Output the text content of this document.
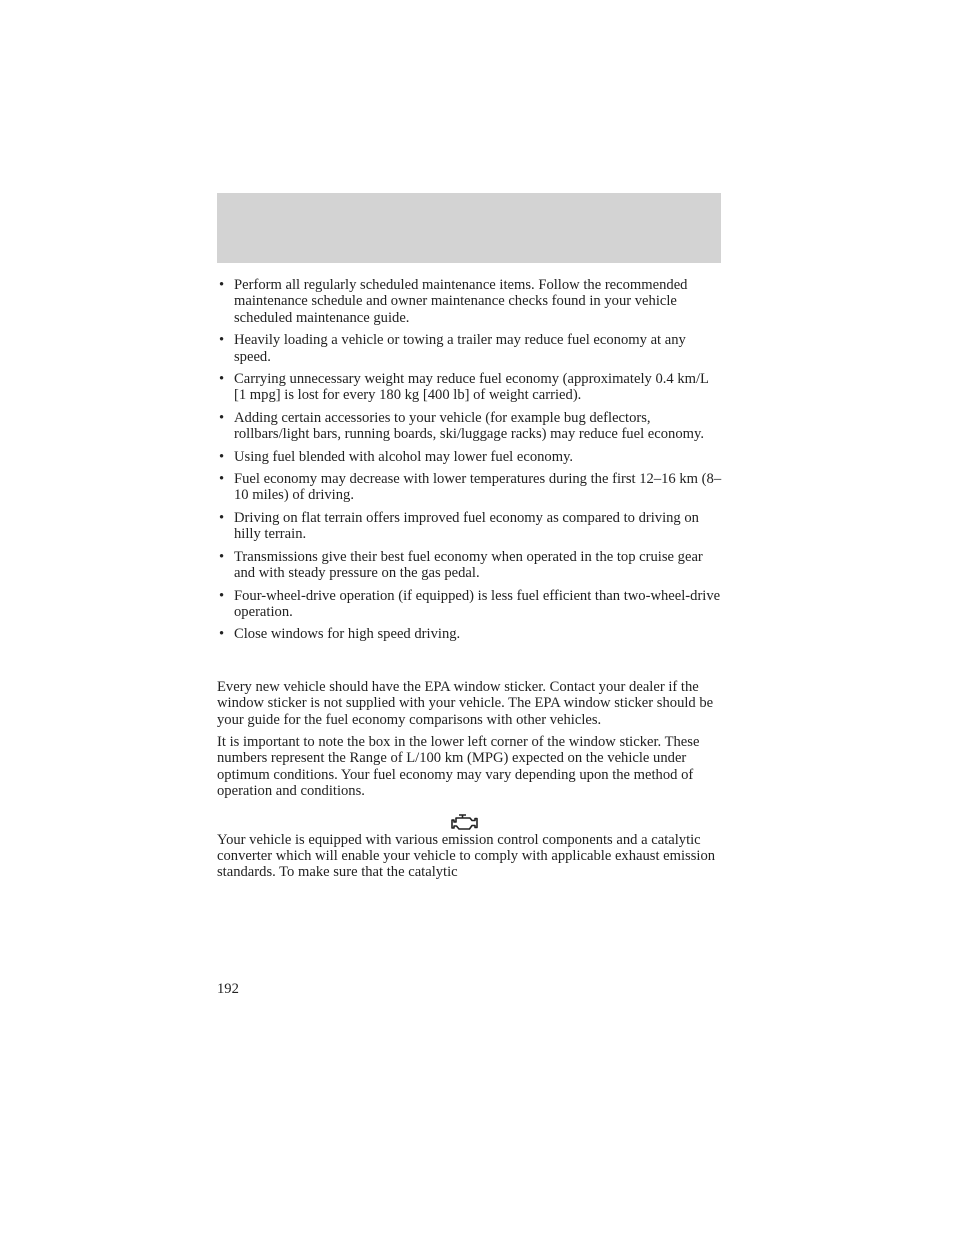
• Perform all regularly scheduled maintenance items. Follow the recommended maintenance schedule and owner maintenance checks found in your vehicle scheduled maintenance guide.
• Heavily loading a vehicle or towing a trailer may reduce fuel economy at any speed.
• Carrying unnecessary weight may reduce fuel economy (approximately 0.4 km/L [1 mpg] is lost for every 180 kg [400 lb] of weight carried).
• Adding certain accessories to your vehicle (for example bug deflectors, rollbars/light bars, running boards, ski/luggage racks) may reduce fuel economy.
• Using fuel blended with alcohol may lower fuel economy.
• Fuel economy may decrease with lower temperatures during the first 12–16 km (8–10 miles) of driving.
• Driving on flat terrain offers improved fuel economy as compared to driving on hilly terrain.
• Transmissions give their best fuel economy when operated in the top cruise gear and with steady pressure on the gas pedal.
• Four-wheel-drive operation (if equipped) is less fuel efficient than two-wheel-drive operation.
• Close windows for high speed driving.

Every new vehicle should have the EPA window sticker. Contact your dealer if the window sticker is not supplied with your vehicle. The EPA window sticker should be your guide for the fuel economy comparisons with other vehicles.

It is important to note the box in the lower left corner of the window sticker. These numbers represent the Range of L/100 km (MPG) expected on the vehicle under optimum conditions. Your fuel economy may vary depending upon the method of operation and conditions.

Your vehicle is equipped with various emission control components and a catalytic converter which will enable your vehicle to comply with applicable exhaust emission standards. To make sure that the catalytic

192
